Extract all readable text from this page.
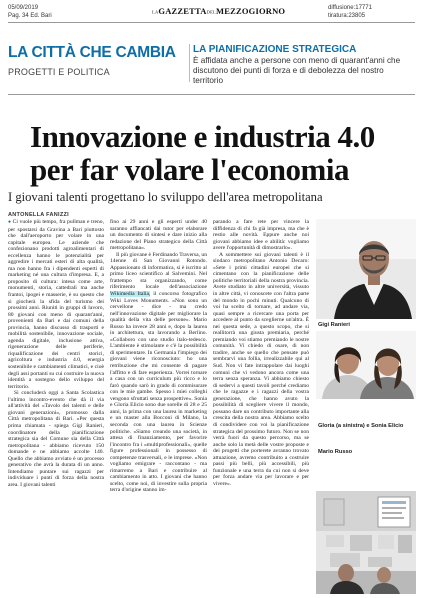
05/09/2019
Pag. 34 Ed. Bari
LAGAZZETTADELMEZZOGIORNO	diffusione:17771
tiratura:23805
LA CITTÀ CHE CAMBIA
PROGETTI E POLITICA
LA PIANIFICAZIONE STRATEGICA
È affidata anche a persone con meno di quarant'anni che discutono dei punti di forza e di debolezza del nostro territorio
Innovazione e industria 4.0
per far volare l'economia
I giovani talenti progettano lo sviluppo dell'area metropolitana
ANTONELLA FANIZZI

● Ci vuole più tempo, fra pullman e treno, per spostarsi da Gravina a Bari piuttosto che dall'aeroporto per volare in una capitale europea. Le aziende che confezionano prodotti agroalimentari di eccellenza hanno le potenzialità per aggredire i mercati esteri di alta qualità, ma non hanno fra i dipendenti esperti di marketing né una cultura d'impresa. E, a proposito di cultura: intesa come arte, monumenti, storia, cattedrali ma anche frantoi, ipogei e masserie, è su questo che si giocherà la sfida del turismo dei prossimi anni. Riuniti in gruppi di lavoro, 80 giovani con meno di quarant'anni, provenienti da Bari e dai comuni della provincia, hanno discusso di trasporti e mobilità sostenibile, innovazione sociale, agenda digitale, inclusione attiva, rigenerazione delle periferie, riqualificazione dei centri storici, agricoltura e industria 4.0, energia sostenibile e cambiamenti climatici, e cioè degli assi portanti su cui costruire la nuova identità a sostegno dello sviluppo del territorio.

Si concluderà oggi a Santa Scolastica l'ultimo incontro-evento che dà il via all'attività del «Tavolo dei talenti e delle giovani generazioni», promosso dalla Città metropolitana di Bari. «Per questa prima chiamata - spiega Gigi Ranieri, coordinatore della pianificazione strategica sia del Comune sia della Città metropolitana - abbiamo ricevuto 150 domande e ne abbiamo accolte 140. Quello che abbiamo avviato è un processo generativo che avrà la durata di un anno. Intendiamo puntare sui ragazzi per individuare i punti di forza della nostra area. I giovani talenti

fino ai 29 anni e gli esperti under 40 saranno affiancati dai tutor per elaborare un documento di sintesi e dare inizio alla redazione del Piano strategico della Città metropolitana».

Il più giovane è Ferdinando Traversa, un 14enne di San Giovanni Rotondo. Appassionato di informatica, si è iscritto al primo liceo scientifico al Salvemini. Nel frattempo sta organizzando, come riferimento locale dell'associazione Wikimedia Italia, il concorso fotografico Wiki Loves Monuments. «Non sono un cervellone - dice - ma credo nell'innovazione digitale per migliorare la qualità della vita delle persone». Mario Russo ha invece 28 anni e, dopo la laurea in architettura, sta lavorando a Berlino. «Collaboro con uno studio italo-tedesco. L'ambiente è stimolante e c'è la possibilità di sperimentare. In Germania l'impiego dei giovani viene riconosciuto: ho una retribuzione che mi consente di pagare l'affitto e di fare esperienza. Vorrei tornare a casa con un curriculum più ricco e lo farò quando sarò in grado di commisurare con le mie gambe. Spesso i miei colleghi vengono sfruttati senza prospettive». Sonia e Gloria Elicio sono due sorelle di 28 e 25 anni, la prima con una laurea in marketing e un master alla Bocconi di Milano, la seconda con una laurea in Scienze politiche. «Siamo creando una società, in attesa di finanziamento, per favorire l'incontro fra i «multiprofessionali», quelle figure professionali in possesso di competenze trasversali, e le imprese. «Non vogliamo emigrare - raccontano - ma rimarremo a Bari e contribuire al cambiamento in atto. I giovani che hanno scelto, come noi, di investire sulla propria terra d'origine stanno im-

parando a fare rete per vincere la diffidenza di chi fa già impresa, ma che è restio alle novità. Eppure anche noi giovani abbiamo idee e abilità: vogliamo avere l'opportunità di dimostrarlo».

A sommettere sui giovani talenti è il sindaco metropolitano Antonio Decaro: «Sete i primi cittadini europei che si cimentano con la pianificazione delle politiche territoriali della nostra provincia. Avete studiato in altre università, vissuto in altre città, vi conoscete con l'altra parte del mondo in pochi minuti. Qualcuno di voi ha scelto di tornare, ad andare via, quasi sempre a ricercare una porta per accedere al punto da sceglierne un'altra. È nei questa sede, a questo scopo, che si reallitorrà una giusta premiaria, perché premiando voi stiamo premiando le nostre comunità. Vi chiedo di osare, di non tradire, anche se quello che pensate può sembrarvi una follia, irrealizzabile qui al Sud. Non vi fate intrappolare dai luoghi comuni che vi vedono ancora come una terra senza speranza. Vi abbiamo chiesto di sedervi a questi tavoli perché crediamo che le ragazze e i ragazzi della vostra generazione, che hanno avuto la possibilità di scegliere vivere il mondo, possano dare un contributo importante alla crescita della nostra area. Abbiamo scelto di condividere con voi la pianificazione strategica del prossimo futuro. Non se non verrà fuori da questo percorso, ma se anche solo la metà delle vostre proposte e dei progetti che porterete avranno trovato attuazione, avremo contribuito a costruire passi più belli, più accessibili, più funzionale e una terra da cui non si deve per forza andare via per lavorare e per vivere».

Gigi Ranieri
Gloria (a sinistra) e Sonia Elicio
Mario Russo
